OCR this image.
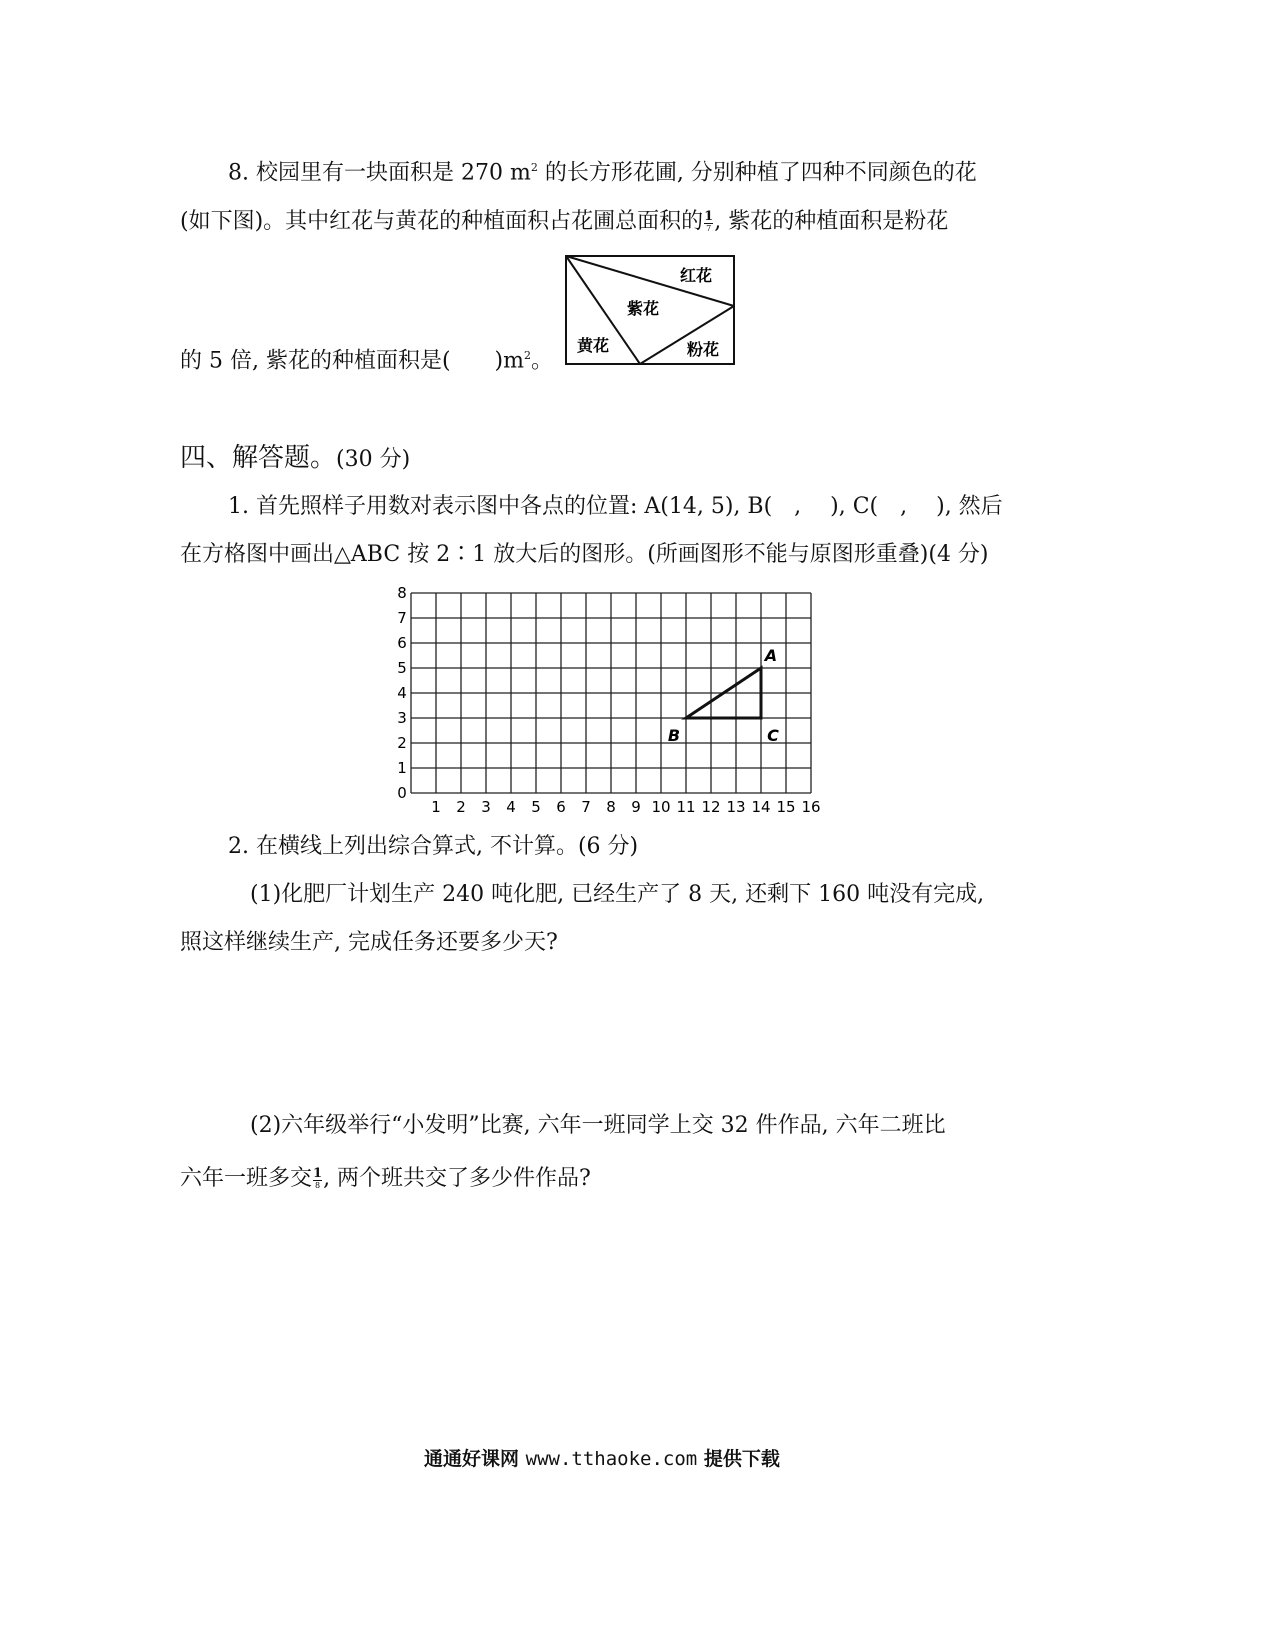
8. 校园里有一块面积是 270 $m^2$ 的长方形花圃, 分别种植了四种不同颜色的花
(如下图)。其中红花与黄花的种植面积占花圃总面积的 $\frac{1}{7}$ , 紫花的种植面积是粉花
的 5 倍, 紫花的种植面积是(　　)$m^2$。
红花
紫花
黄花	粉花
四、解答题。(30 分)
1. 首先照样子用数对表示图中各点的位置: A(14, 5), B(　, 　), C(　, 　), 然后
在方格图中画出△ABC 按 2∶1 放大后的图形。(所画图形不能与原图形重叠)(4 分)
1 2 3 4 5 6 7 8 9 10 11 12 13 14 15 16
0
1
2
3
4
5
6
7
8
A
B	C
2. 在横线上列出综合算式, 不计算。(6 分)
(1)化肥厂计划生产 240 吨化肥, 已经生产了 8 天, 还剩下 160 吨没有完成,
照这样继续生产, 完成任务还要多少天?
(2)六年级举行“小发明”比赛, 六年一班同学上交 32 件作品, 六年二班比
六年一班多交 $\frac{1}{8}$ , 两个班共交了多少件作品?
通通好课网 www.tthaoke.com 提供下载
